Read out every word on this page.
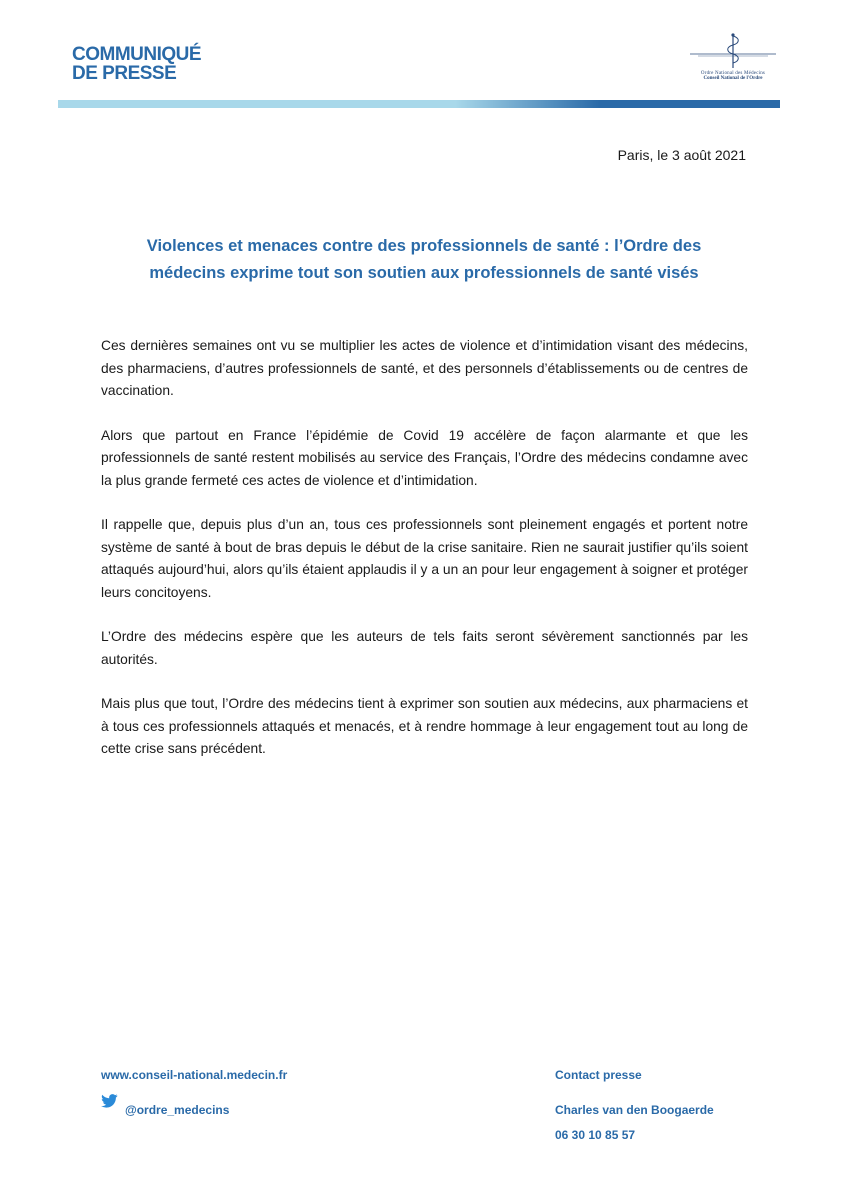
COMMUNIQUÉ
DE PRESSE	Ordre National des Médecins
Conseil National de l'Ordre
Paris, le 3 août 2021
Violences et menaces contre des professionnels de santé : l’Ordre des
médecins exprime tout son soutien aux professionnels de santé visés

Ces dernières semaines ont vu se multiplier les actes de violence et d’intimidation visant des médecins, des pharmaciens, d’autres professionnels de santé, et des personnels d’établissements ou de centres de vaccination.

Alors que partout en France l’épidémie de Covid 19 accélère de façon alarmante et que les professionnels de santé restent mobilisés au service des Français, l’Ordre des médecins condamne avec la plus grande fermeté ces actes de violence et d’intimidation.

Il rappelle que, depuis plus d’un an, tous ces professionnels sont pleinement engagés et portent notre système de santé à bout de bras depuis le début de la crise sanitaire. Rien ne saurait justifier qu’ils soient attaqués aujourd’hui, alors qu’ils étaient applaudis il y a un an pour leur engagement à soigner et protéger leurs concitoyens.

L’Ordre des médecins espère que les auteurs de tels faits seront sévèrement sanctionnés par les autorités.

Mais plus que tout, l’Ordre des médecins tient à exprimer son soutien aux médecins, aux pharmaciens et à tous ces professionnels attaqués et menacés, et à rendre hommage à leur engagement tout au long de cette crise sans précédent.

www.conseil-national.medecin.fr
@ordre_medecins
Contact presse
Charles van den Boogaerde
06 30 10 85 57
